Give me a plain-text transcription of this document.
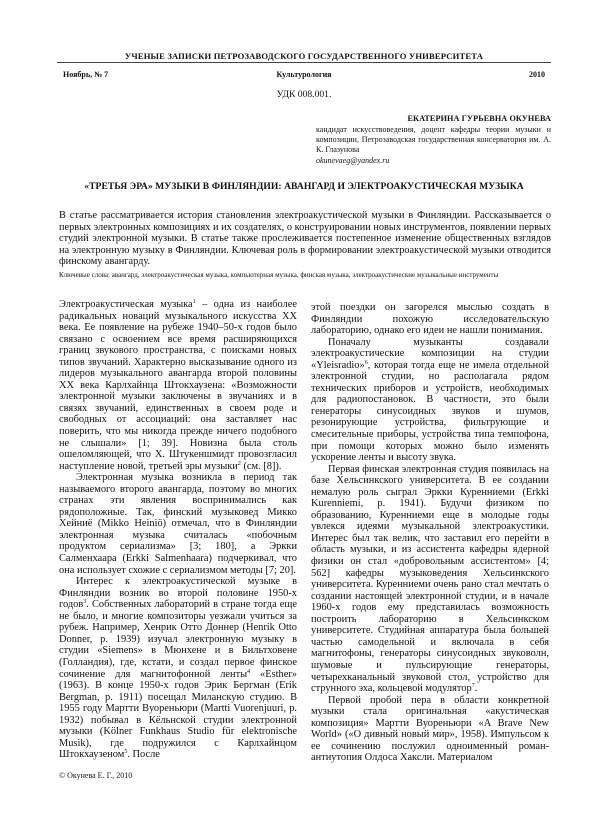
УЧЕНЫЕ ЗАПИСКИ ПЕТРОЗАВОДСКОГО ГОСУДАРСТВЕННОГО УНИВЕРСИТЕТА
Культурология
Ноябрь, № 7	2010
УДК 008.001.
ЕКАТЕРИНА ГУРЬЕВНА ОКУНЕВА
кандидат искусствоведения, доцент кафедры теории музыки и композиции, Петрозаводская государственная консерватория им. А. К. Глазунова
okunevaeg@yandex.ru
«ТРЕТЬЯ ЭРА» МУЗЫКИ В ФИНЛЯНДИИ: АВАНГАРД И ЭЛЕКТРОАКУСТИЧЕСКАЯ МУЗЫКА
В статье рассматривается история становления электроакустической музыки в Финляндии. Рассказывается о первых электронных композициях и их создателях, о конструировании новых инструментов, появлении первых студий электронной музыки. В статье также прослеживается постепенное изменение общественных взглядов на электронную музыку в Финляндии. Ключевая роль в формировании электроакустической музыки отводится финскому авангарду.
Ключевые слова: авангард, электроакустическая музыка, компьютерная музыка, финская музыка, электроакустические музыкальные инструменты

Электроакустическая музыка$^1$ – одна из наиболее радикальных новаций музыкального искусства XX века. Ее появление на рубеже 1940–50-х годов было связано с освоением все время расширяющихся границ звукового пространства, с поисками новых типов звучаний. Характерно высказывание одного из лидеров музыкального авангарда второй половины XX века Карлхайнца Штокхаузена: «Возможности электронной музыки заключены в звучаниях и в связях звучаний, единственных в своем роде и свободных от ассоциаций: она заставляет нас поверить, что мы никогда прежде ничего подобного не слышали» [1; 39]. Новизна была столь ошеломляющей, что Х. Штукеншмидт провозгласил наступление новой, третьей эры музыки$^2$ (см. [8]).

Электронная музыка возникла в период так называемого второго авангарда, поэтому во многих странах эти явления воспринимались как рядоположные. Так, финский музыковед Микко Хейниё (Mikko Heiniö) отмечал, что в Финляндии электронная музыка считалась «побочным продуктом сериализма» [3; 180], а Эркки Салменхаара (Erkki Salmenhaara) подчеркивал, что она использует схожие с сериализмом методы [7; 20].

Интерес к электроакустической музыке в Финляндии возник во второй половине 1950-х годов$^3$. Собственных лабораторий в стране тогда еще не было, и многие композиторы уезжали учиться за рубеж. Например, Хенрик Отто Доннер (Henrik Otto Donner, р. 1939) изучал электронную музыку в студии «Siemens» в Мюнхене и в Бильтховене (Голландия), где, кстати, и создал первое финское сочинение для магнитофонной ленты$^4$ «Esther» (1963). В конце 1950-х годов Эрик Бергман (Erik Bergman, р. 1911) посещал Миланскую студию. В 1955 году Мартти Вуореньюри (Martti Vuorenjuuri, р. 1932) побывал в Кёльнской студии электронной музыки (Kölner Funkhaus Studio für elektronische Musik), где подружился с Карлхайнцом Штокхаузеном$^5$. После

этой поездки он загорелся мыслью создать в Финляндии похожую исследовательскую лабораторию, однако его идеи не нашли понимания.

Поначалу музыканты создавали электроакустические композиции на студии «Yleisradio»$^6$, которая тогда еще не имела отдельной электронной студии, но располагала рядом технических приборов и устройств, необходимых для радиопостановок. В частности, это были генераторы синусоидных звуков и шумов, резонирующие устройства, фильтрующие и смесительные приборы, устройства типа темпофона, при помощи которых можно было изменять ускорение ленты и высоту звука.

Первая финская электронная студия появилась на базе Хельсинкского университета. В ее создании немалую роль сыграл Эркки Куренниеми (Erkki Kurenniemi, р. 1941). Будучи физиком по образованию, Куренниеми еще в молодые годы увлекся идеями музыкальной электроакустики. Интерес был так велик, что заставил его перейти в область музыки, и из ассистента кафедры ядерной физики он стал «добровольным ассистентом» [4; 562] кафедры музыковедения Хельсинкского университета. Куренниеми очень рано стал мечтать о создании настоящей электронной студии, и в начале 1960-х годов ему представилась возможность построить лабораторию в Хельсинкском университете. Студийная аппаратура была большей частью самодельной и включала в себя магнитофоны, генераторы синусоидных звуковолн, шумовые и пульсирующие генераторы, четырехканальный звуковой стол, устройство для струнного эха, кольцевой модулятор$^7$.

Первой пробой пера в области конкретной музыки стала оригинальная «акустическая композиция» Мартти Вуореньюри «A Brave New World» («О дивный новый мир», 1958). Импульсом к ее сочинению послужил одноименный роман-антиутопия Олдоса Хаксли. Материалом

© Окунева Е. Г., 2010
